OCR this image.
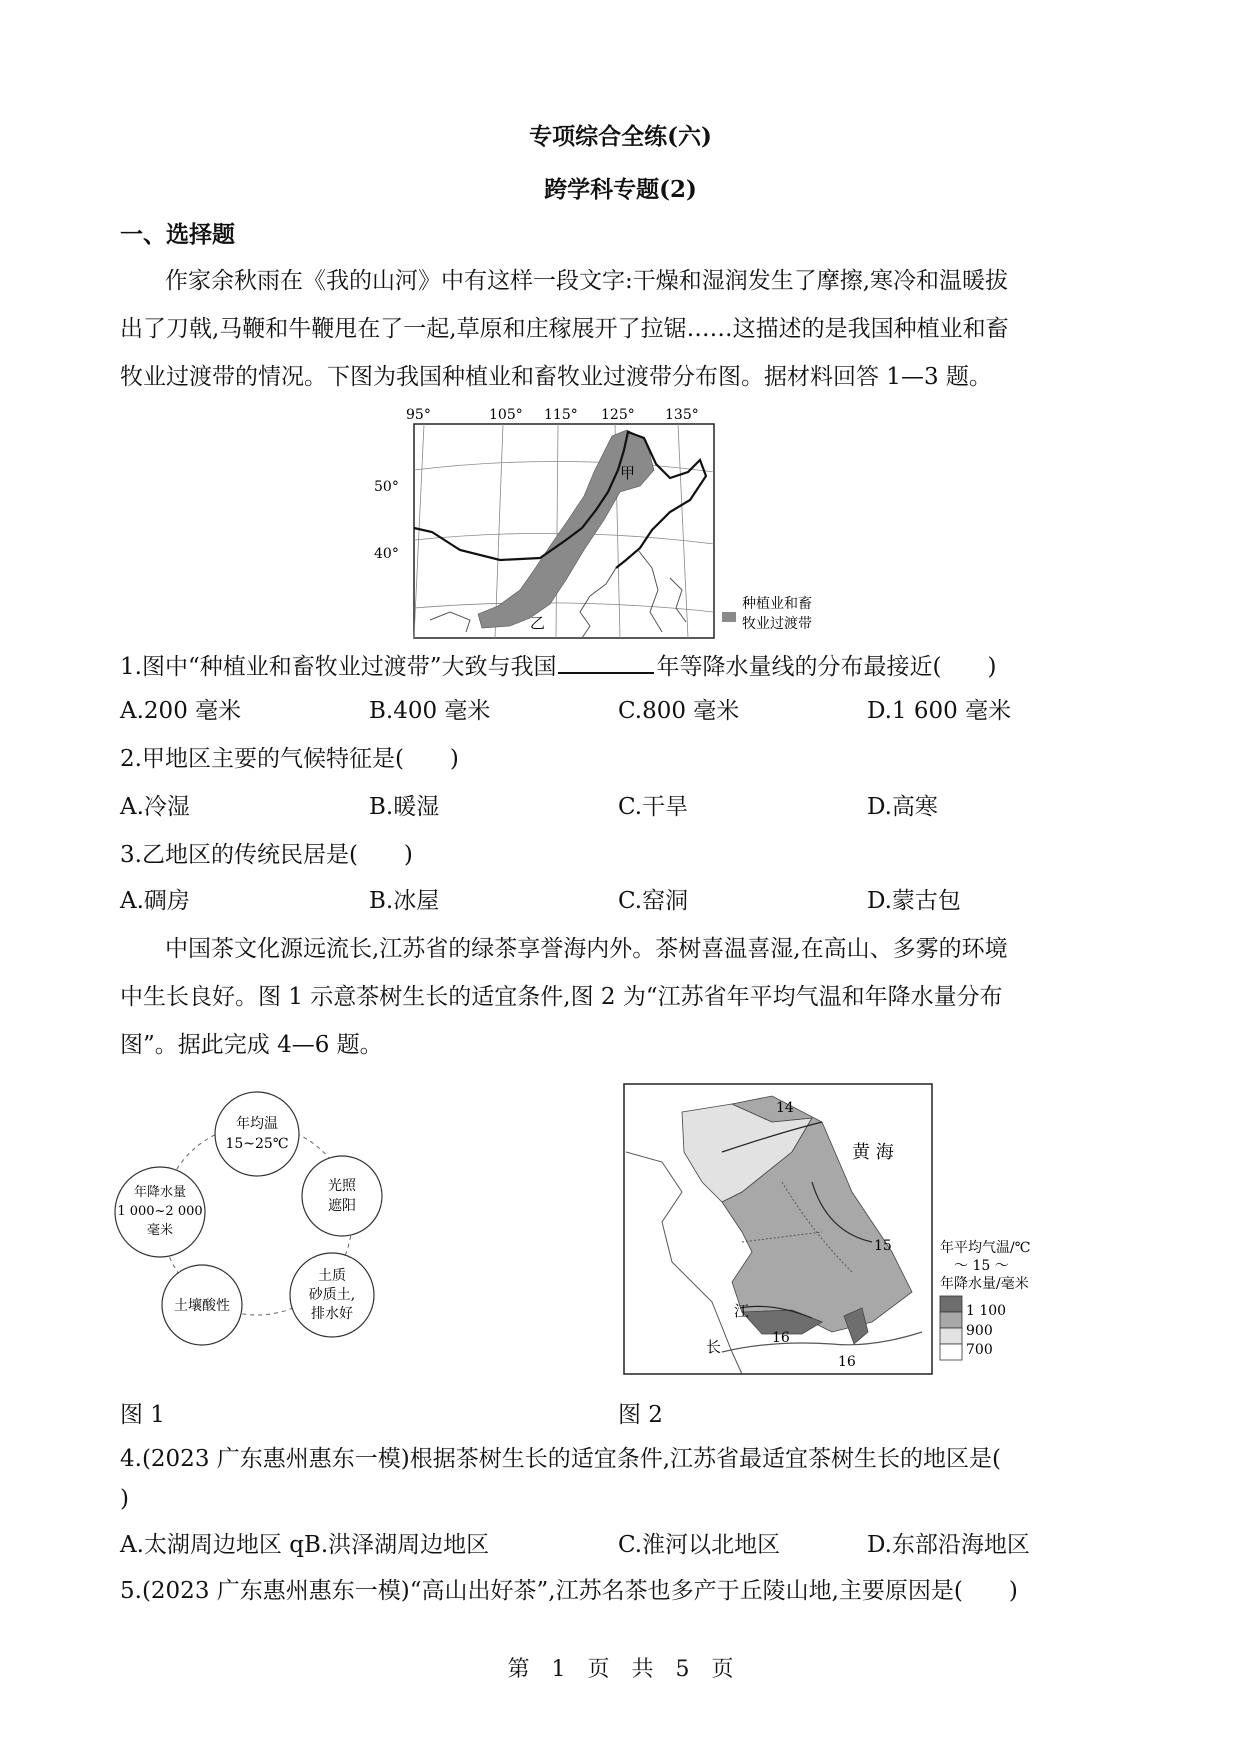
专项综合全练(六)
跨学科专题(2)
一、选择题
作家余秋雨在《我的山河》中有这样一段文字:干燥和湿润发生了摩擦,寒冷和温暖拔
出了刀戟,马鞭和牛鞭甩在了一起,草原和庄稼展开了拉锯……这描述的是我国种植业和畜
牧业过渡带的情况。下图为我国种植业和畜牧业过渡带分布图。据材料回答 1—3 题。
95°	105° 115° 125° 135°
50°
40°
甲
乙
种植业和畜
牧业过渡带
1.图中“种植业和畜牧业过渡带”大致与我国	年等降水量线的分布最接近(　　)
A.200 毫米	B.400 毫米	C.800 毫米	D.1 600 毫米
2.甲地区主要的气候特征是(　　)
A.冷湿	B.暖湿	C.干旱	D.高寒
3.乙地区的传统民居是(　　)
A.碉房	B.冰屋	C.窑洞	D.蒙古包
中国茶文化源远流长,江苏省的绿茶享誉海内外。茶树喜温喜湿,在高山、多雾的环境
中生长良好。图 1 示意茶树生长的适宜条件,图 2 为“江苏省年平均气温和年降水量分布
图”。据此完成 4—6 题。
年均温
15~25℃
光照
遮阳
土质
砂质土,
排水好
土壤酸性
年降水量
1 000~2 000
毫米
14
15
16
16
黄 海
江
长
年平均气温/℃
～ 15 ～
年降水量/毫米
1 100
900
700
图 1	图 2
4.(2023 广东惠州惠东一模)根据茶树生长的适宜条件,江苏省最适宜茶树生长的地区是(
)
A.太湖周边地区 qB.洪泽湖周边地区	C.淮河以北地区	D.东部沿海地区
5.(2023 广东惠州惠东一模)“高山出好茶”,江苏名茶也多产于丘陵山地,主要原因是(　　)
第　1　页　共　5　页
